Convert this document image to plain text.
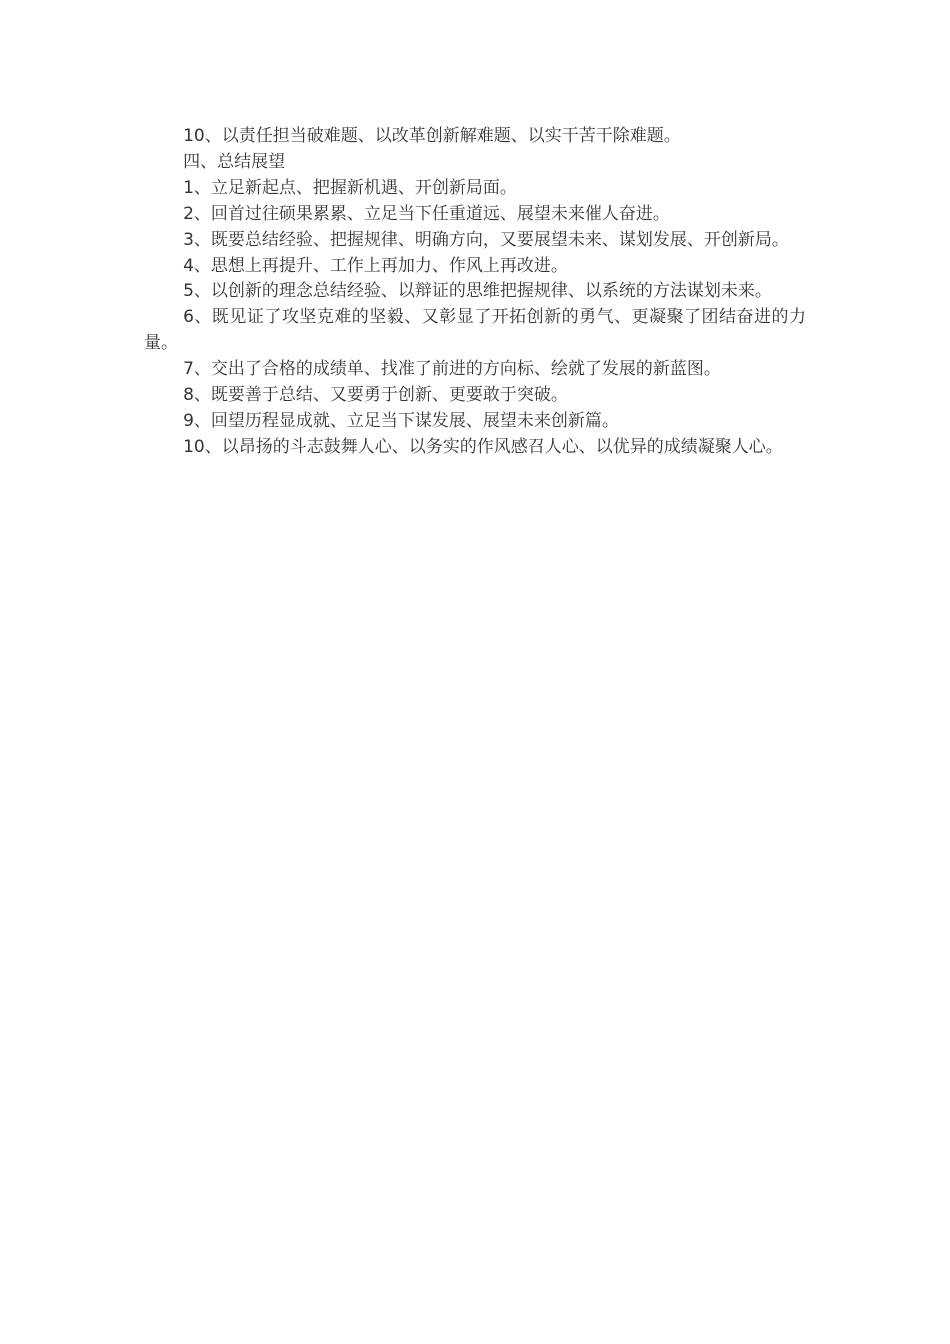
10、以责任担当破难题、以改革创新解难题、以实干苦干除难题。

四、总结展望

1、立足新起点、把握新机遇、开创新局面。

2、回首过往硕果累累、立足当下任重道远、展望未来催人奋进。

3、既要总结经验、把握规律、明确方向，又要展望未来、谋划发展、开创新局。

4、思想上再提升、工作上再加力、作风上再改进。

5、以创新的理念总结经验、以辩证的思维把握规律、以系统的方法谋划未来。

6、既见证了攻坚克难的坚毅、又彰显了开拓创新的勇气、更凝聚了团结奋进的力量。

7、交出了合格的成绩单、找准了前进的方向标、绘就了发展的新蓝图。

8、既要善于总结、又要勇于创新、更要敢于突破。

9、回望历程显成就、立足当下谋发展、展望未来创新篇。

10、以昂扬的斗志鼓舞人心、以务实的作风感召人心、以优异的成绩凝聚人心。
